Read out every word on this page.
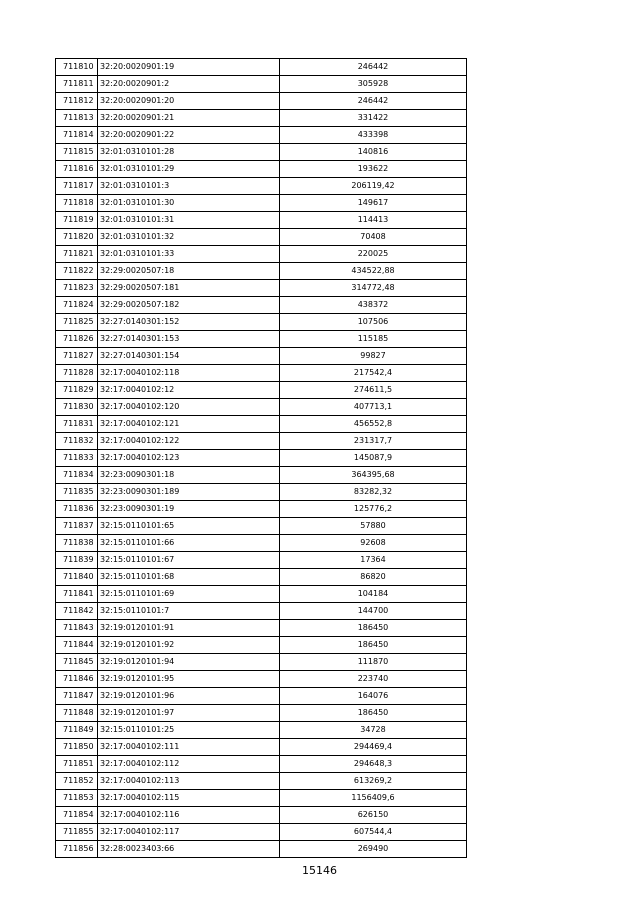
711810	32:20:0020901:19	246442
711811	32:20:0020901:2	305928
711812	32:20:0020901:20	246442
711813	32:20:0020901:21	331422
711814	32:20:0020901:22	433398
711815	32:01:0310101:28	140816
711816	32:01:0310101:29	193622
711817	32:01:0310101:3	206119,42
711818	32:01:0310101:30	149617
711819	32:01:0310101:31	114413
711820	32:01:0310101:32	70408
711821	32:01:0310101:33	220025
711822	32:29:0020507:18	434522,88
711823	32:29:0020507:181	314772,48
711824	32:29:0020507:182	438372
711825	32:27:0140301:152	107506
711826	32:27:0140301:153	115185
711827	32:27:0140301:154	99827
711828	32:17:0040102:118	217542,4
711829	32:17:0040102:12	274611,5
711830	32:17:0040102:120	407713,1
711831	32:17:0040102:121	456552,8
711832	32:17:0040102:122	231317,7
711833	32:17:0040102:123	145087,9
711834	32:23:0090301:18	364395,68
711835	32:23:0090301:189	83282,32
711836	32:23:0090301:19	125776,2
711837	32:15:0110101:65	57880
711838	32:15:0110101:66	92608
711839	32:15:0110101:67	17364
711840	32:15:0110101:68	86820
711841	32:15:0110101:69	104184
711842	32:15:0110101:7	144700
711843	32:19:0120101:91	186450
711844	32:19:0120101:92	186450
711845	32:19:0120101:94	111870
711846	32:19:0120101:95	223740
711847	32:19:0120101:96	164076
711848	32:19:0120101:97	186450
711849	32:15:0110101:25	34728
711850	32:17:0040102:111	294469,4
711851	32:17:0040102:112	294648,3
711852	32:17:0040102:113	613269,2
711853	32:17:0040102:115	1156409,6
711854	32:17:0040102:116	626150
711855	32:17:0040102:117	607544,4
711856	32:28:0023403:66	269490
15146
